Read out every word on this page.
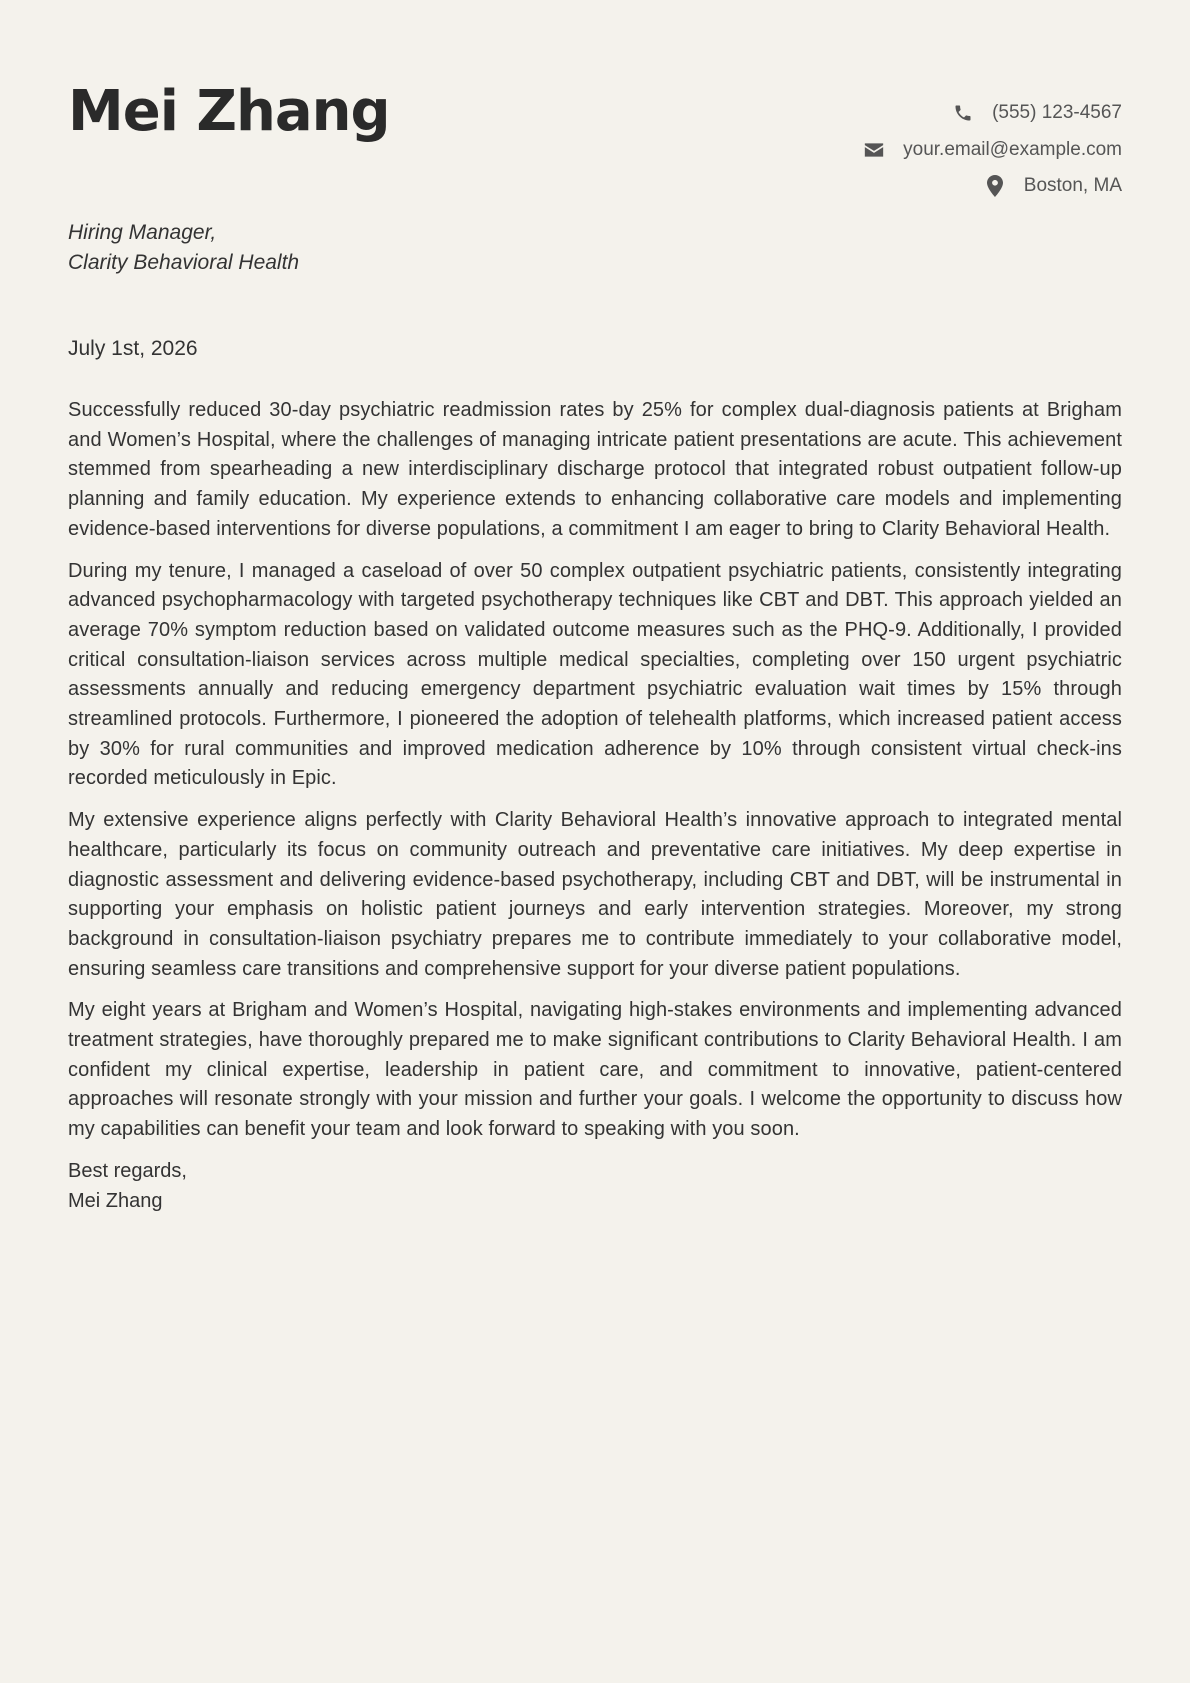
Mei Zhang	(555) 123-4567
your.email@example.com
Boston, MA
Hiring Manager,
Clarity Behavioral Health
July 1st, 2026

Successfully reduced 30-day psychiatric readmission rates by 25% for complex dual-diagnosis patients at Brigham and Women’s Hospital, where the challenges of managing intricate patient presentations are acute. This achievement stemmed from spearheading a new interdisciplinary discharge protocol that integrated robust outpatient follow-up planning and family education. My experience extends to enhancing collaborative care models and implementing evidence-based interventions for diverse populations, a commitment I am eager to bring to Clarity Behavioral Health.

During my tenure, I managed a caseload of over 50 complex outpatient psychiatric patients, consistently integrating advanced psychopharmacology with targeted psychotherapy techniques like CBT and DBT. This approach yielded an average 70% symptom reduction based on validated outcome measures such as the PHQ-9. Additionally, I provided critical consultation-liaison services across multiple medical specialties, completing over 150 urgent psychiatric assessments annually and reducing emergency department psychiatric evaluation wait times by 15% through streamlined protocols. Furthermore, I pioneered the adoption of telehealth platforms, which increased patient access by 30% for rural communities and improved medication adherence by 10% through consistent virtual check-ins recorded meticulously in Epic.

My extensive experience aligns perfectly with Clarity Behavioral Health’s innovative approach to integrated mental healthcare, particularly its focus on community outreach and preventative care initiatives. My deep expertise in diagnostic assessment and delivering evidence-based psychotherapy, including CBT and DBT, will be instrumental in supporting your emphasis on holistic patient journeys and early intervention strategies. Moreover, my strong background in consultation-liaison psychiatry prepares me to contribute immediately to your collaborative model, ensuring seamless care transitions and comprehensive support for your diverse patient populations.

My eight years at Brigham and Women’s Hospital, navigating high-stakes environments and implementing advanced treatment strategies, have thoroughly prepared me to make significant contributions to Clarity Behavioral Health. I am confident my clinical expertise, leadership in patient care, and commitment to innovative, patient-centered approaches will resonate strongly with your mission and further your goals. I welcome the opportunity to discuss how my capabilities can benefit your team and look forward to speaking with you soon.

Best regards,
Mei Zhang
